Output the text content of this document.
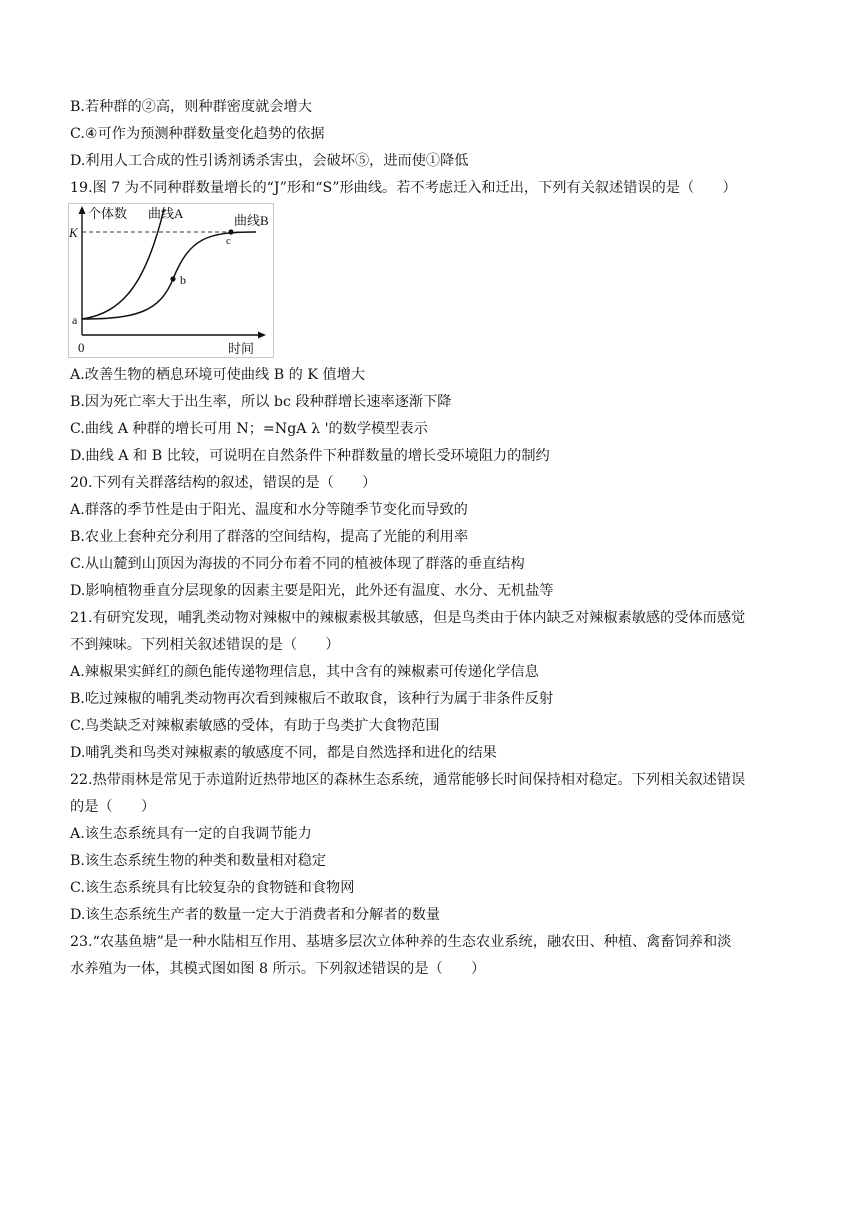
B.若种群的②高，则种群密度就会增大
C.④可作为预测种群数量变化趋势的依据
D.利用人工合成的性引诱剂诱杀害虫，会破坏⑤，进而使①降低
19.图 7 为不同种群数量增长的“J”形和“S”形曲线。若不考虑迁入和迁出，下列有关叙述错误的是（　　）
个体数 曲线A	曲线B
K
a
b
c
0	时间
A.改善生物的栖息环境可使曲线 B 的 K 值增大
B.因为死亡率大于出生率，所以 bc 段种群增长速率逐渐下降
C.曲线 A 种群的增长可用 N；=NgA λ '的数学模型表示
D.曲线 A 和 B 比较，可说明在自然条件下种群数量的增长受环境阻力的制约
20.下列有关群落结构的叙述，错误的是（　　）
A.群落的季节性是由于阳光、温度和水分等随季节变化而导致的
B.农业上套种充分利用了群落的空间结构，提高了光能的利用率
C.从山麓到山顶因为海拔的不同分布着不同的植被体现了群落的垂直结构
D.影响植物垂直分层现象的因素主要是阳光，此外还有温度、水分、无机盐等
21.有研究发现，哺乳类动物对辣椒中的辣椒素极其敏感，但是鸟类由于体内缺乏对辣椒素敏感的受体而感觉
不到辣味。下列相关叙述错误的是（　　）
A.辣椒果实鲜红的颜色能传递物理信息，其中含有的辣椒素可传递化学信息
B.吃过辣椒的哺乳类动物再次看到辣椒后不敢取食，该种行为属于非条件反射
C.鸟类缺乏对辣椒素敏感的受体，有助于鸟类扩大食物范围
D.哺乳类和鸟类对辣椒素的敏感度不同，都是自然选择和进化的结果
22.热带雨林是常见于赤道附近热带地区的森林生态系统，通常能够长时间保持相对稳定。下列相关叙述错误
的是（　　）
A.该生态系统具有一定的自我调节能力
B.该生态系统生物的种类和数量相对稳定
C.该生态系统具有比较复杂的食物链和食物网
D.该生态系统生产者的数量一定大于消费者和分解者的数量
23.“农基鱼塘”是一种水陆相互作用、基塘多层次立体种养的生态农业系统，融农田、种植、禽畜饲养和淡
水养殖为一体，其模式图如图 8 所示。下列叙述错误的是（　　）
